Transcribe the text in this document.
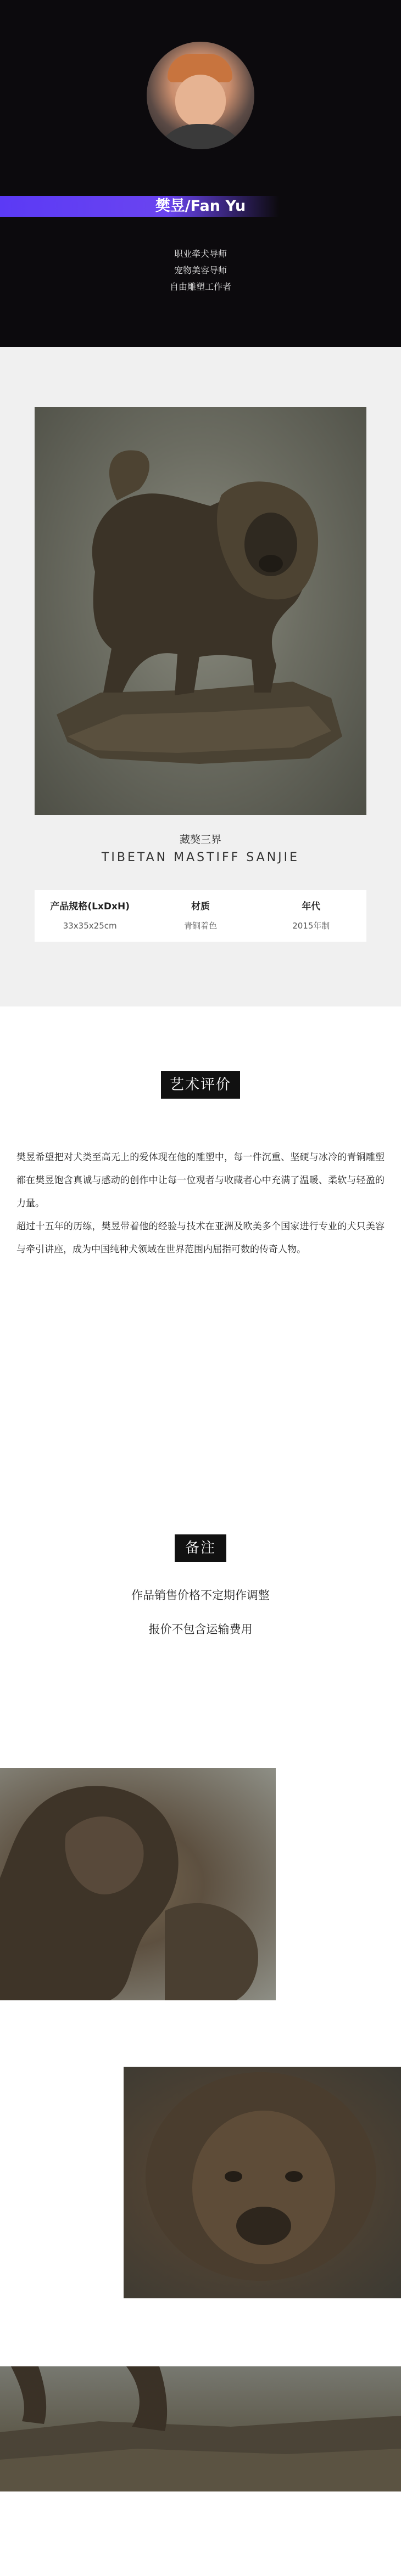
樊昱/Fan Yu
职业牵犬导师
宠物美容导师
自由雕塑工作者
藏獒三界
TIBETAN MASTIFF SANJIE
产品规格(LxDxH)
33x35x25cm
材质
青铜着色
年代
2015年制
艺术评价

樊昱希望把对犬类至高无上的爱体现在他的雕塑中，每一件沉重、坚硬与冰冷的青铜雕塑都在樊昱饱含真诚与感动的创作中让每一位观者与收藏者心中充满了温暖、柔软与轻盈的力量。

超过十五年的历练，樊昱带着他的经验与技术在亚洲及欧美多个国家进行专业的犬只美容与牵引讲座，成为中国纯种犬领域在世界范围内屈指可数的传奇人物。

备注
作品销售价格不定期作调整
报价不包含运输费用
